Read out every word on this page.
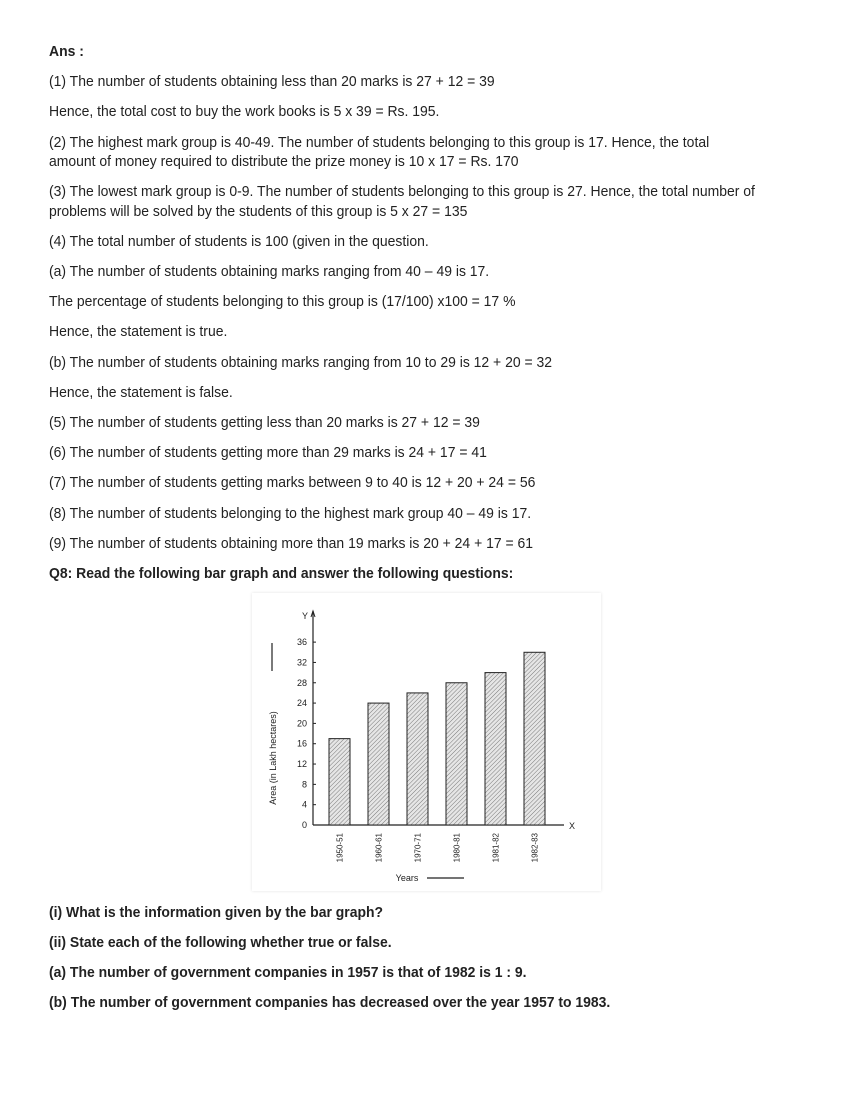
Ans :
(1) The number of students obtaining less than 20 marks is 27 + 12 = 39
Hence, the total cost to buy the work books is 5 x 39 = Rs. 195.
(2) The highest mark group is 40-49. The number of students belonging to this group is 17. Hence, the total
amount of money required to distribute the prize money is 10 x 17 = Rs. 170
(3) The lowest mark group is 0-9. The number of students belonging to this group is 27. Hence, the total number of
problems will be solved by the students of this group is 5 x 27 = 135
(4) The total number of students is 100 (given in the question.
(a) The number of students obtaining marks ranging from 40 – 49 is 17.
The percentage of students belonging to this group is (17/100) x100 = 17 %
Hence, the statement is true.
(b) The number of students obtaining marks ranging from 10 to 29 is 12 + 20 = 32
Hence, the statement is false.
(5) The number of students getting less than 20 marks is 27 + 12 = 39
(6) The number of students getting more than 29 marks is 24 + 17 = 41
(7) The number of students getting marks between 9 to 40 is 12 + 20 + 24 = 56
(8) The number of students belonging to the highest mark group 40 – 49 is 17.
(9) The number of students obtaining more than 19 marks is 20 + 24 + 17 = 61
Q8: Read the following bar graph and answer the following questions:
(i) What is the information given by the bar graph?
(ii) State each of the following whether true or false.
(a) The number of government companies in 1957 is that of 1982 is 1 : 9.
(b) The number of government companies has decreased over the year 1957 to 1983.
Y
X
0
4
8
12
16
20
24
28
32
36
Area (in Lakh hectares)
1950-51	1960-61	1970-71	1980-81	1981-82	1982-83
Years
